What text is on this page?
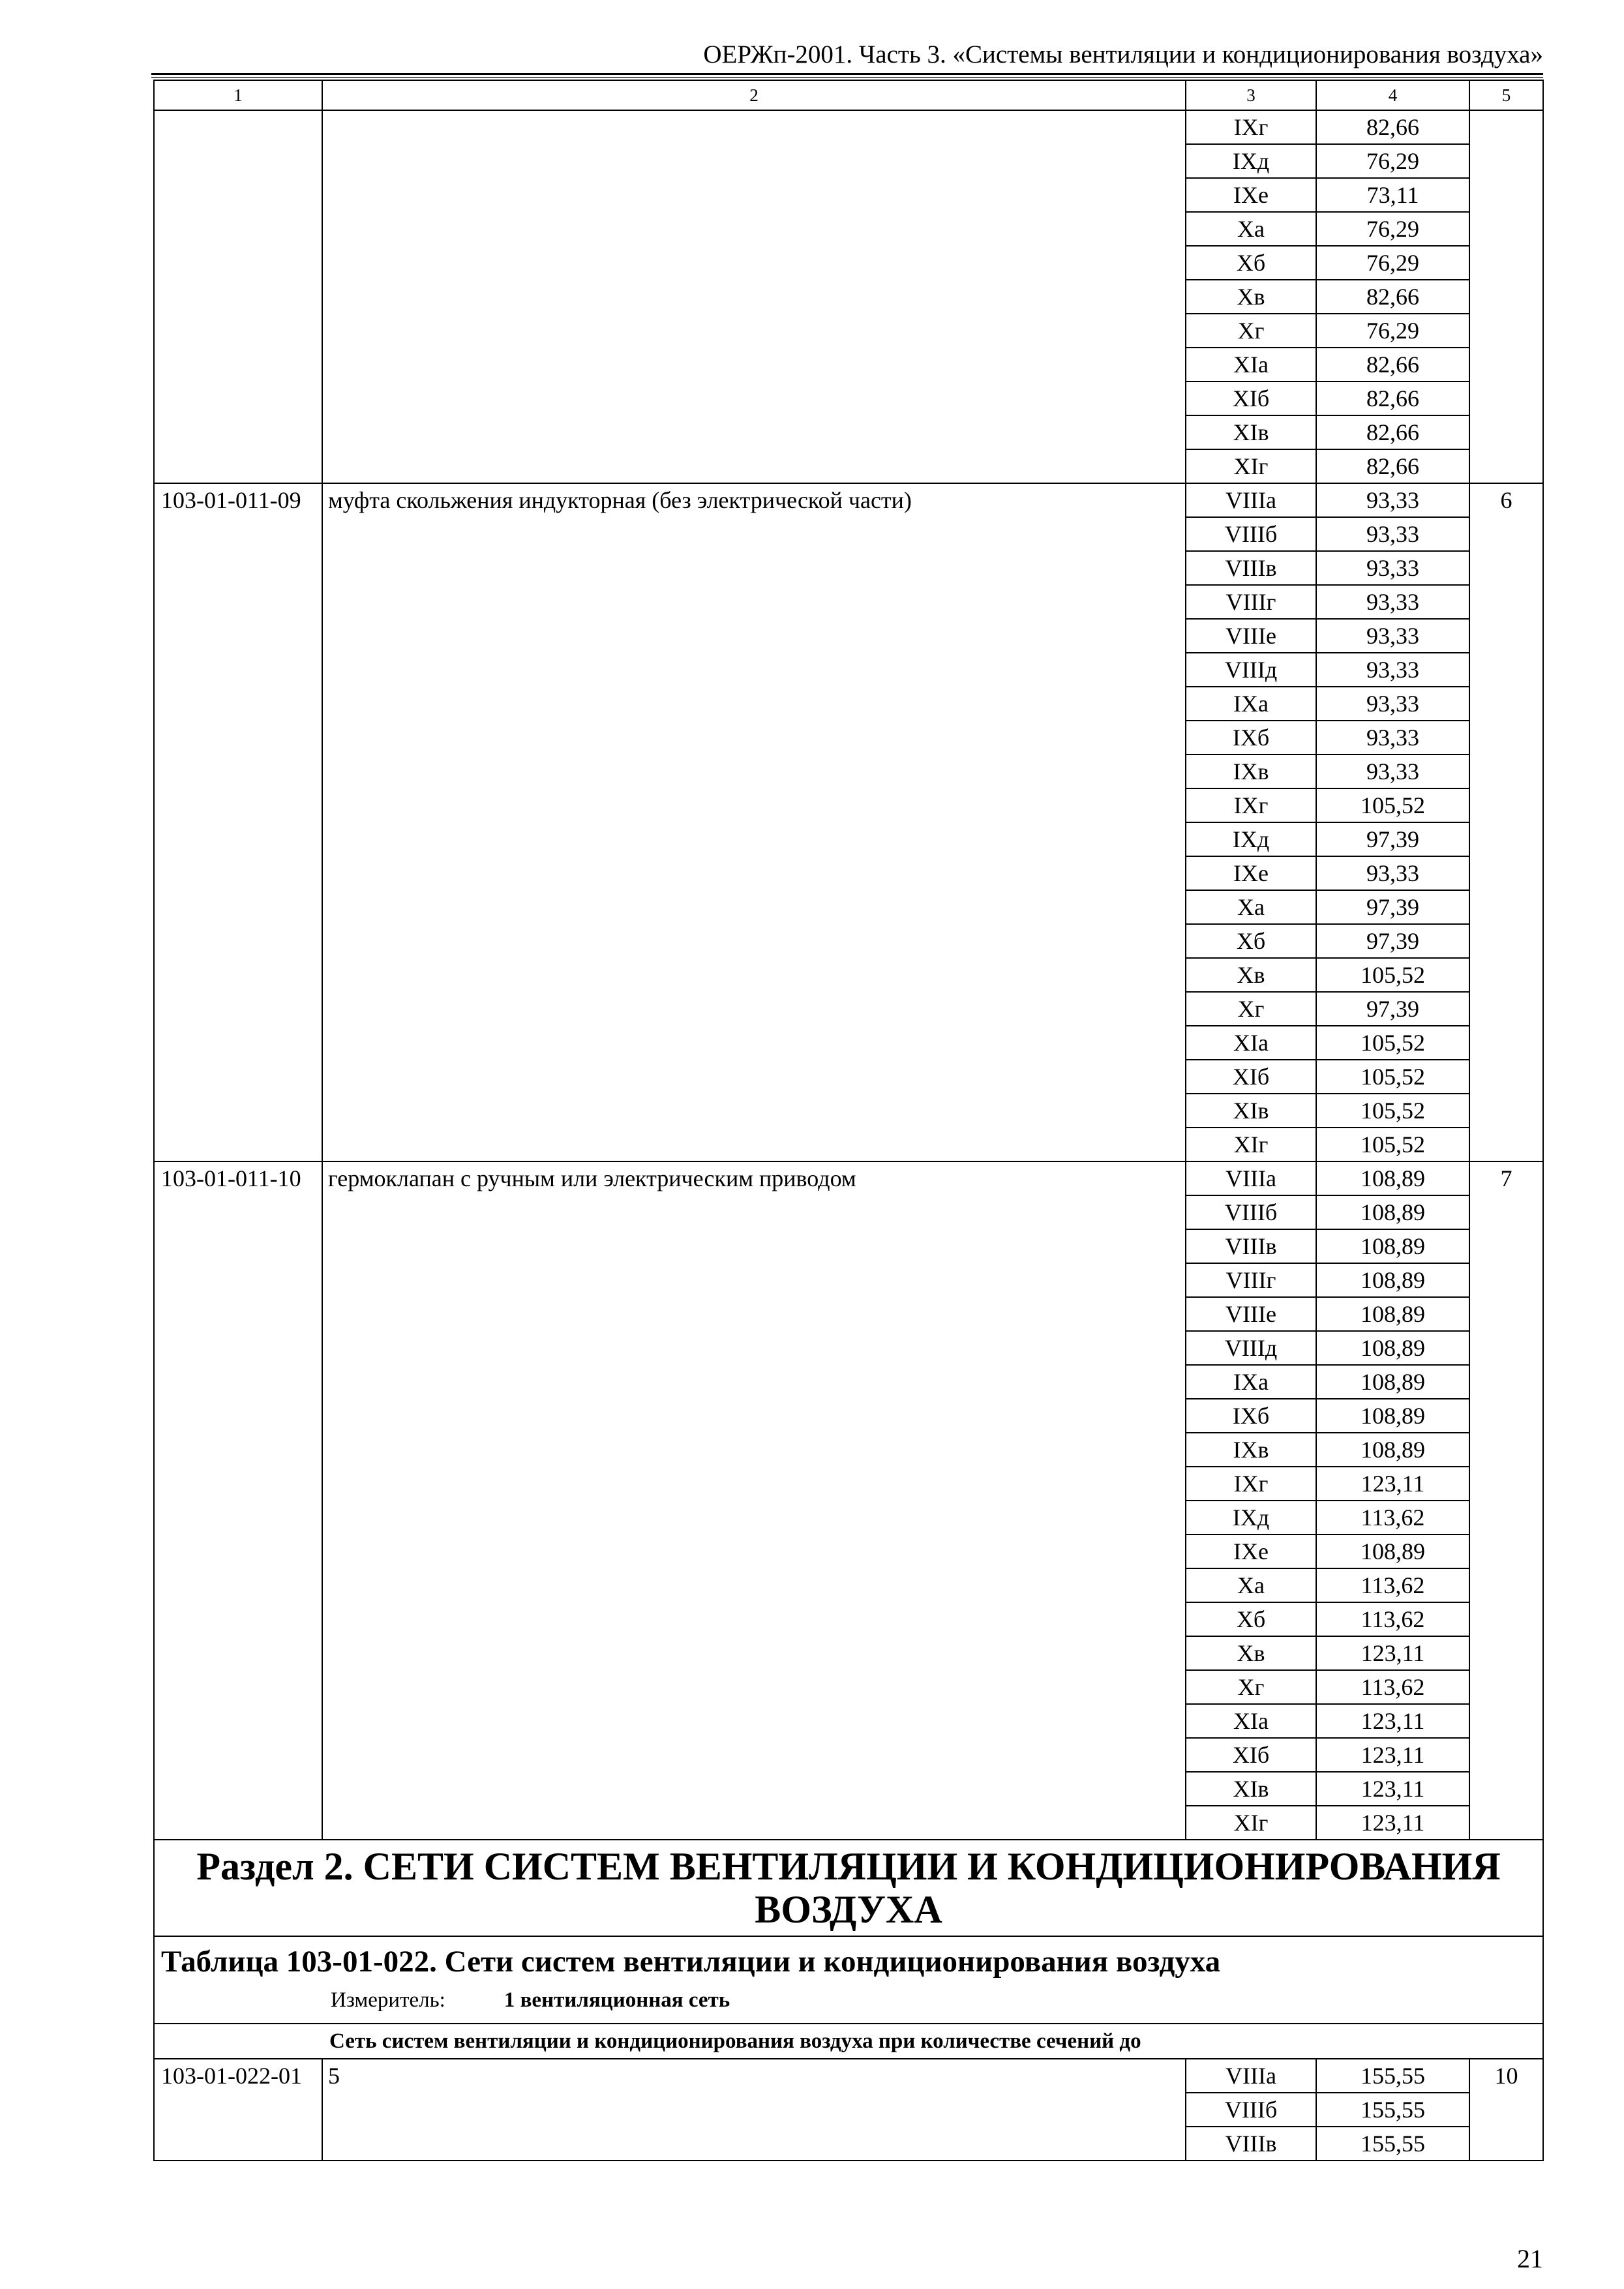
ОЕРЖп-2001. Часть 3. «Системы вентиляции и кондиционирования воздуха»
1	2	3	4	5
		IXг	82,66	
		IXд	76,29	
		IXе	73,11	
		Xа	76,29	
		Xб	76,29	
		Xв	82,66	
		Xг	76,29	
		XIа	82,66	
		XIб	82,66	
		XIв	82,66	
		XIг	82,66	
103-01-011-09	муфта скольжения индукторная (без электрической части)	VIIIа	93,33	6
		VIIIб	93,33	
		VIIIв	93,33	
		VIIIг	93,33	
		VIIIе	93,33	
		VIIIд	93,33	
		IXа	93,33	
		IXб	93,33	
		IXв	93,33	
		IXг	105,52	
		IXд	97,39	
		IXе	93,33	
		Xа	97,39	
		Xб	97,39	
		Xв	105,52	
		Xг	97,39	
		XIа	105,52	
		XIб	105,52	
		XIв	105,52	
		XIг	105,52	
103-01-011-10	гермоклапан с ручным или электрическим приводом	VIIIа	108,89	7
		VIIIб	108,89	
		VIIIв	108,89	
		VIIIг	108,89	
		VIIIе	108,89	
		VIIIд	108,89	
		IXа	108,89	
		IXб	108,89	
		IXв	108,89	
		IXг	123,11	
		IXд	113,62	
		IXе	108,89	
		Xа	113,62	
		Xб	113,62	
		Xв	123,11	
		Xг	113,62	
		XIа	123,11	
		XIб	123,11	
		XIв	123,11	
		XIг	123,11	

Раздел 2. СЕТИ СИСТЕМ ВЕНТИЛЯЦИИ И КОНДИЦИОНИРОВАНИЯ
ВОЗДУХА				

Таблица 103-01-022. Сети систем вентиляции и кондиционирования воздуха
Измеритель: 1 вентиляционная сеть				

Сеть систем вентиляции и кондиционирования воздуха при количестве сечений до				
103-01-022-01	5	VIIIа	155,55	10
		VIIIб	155,55	
		VIIIв	155,55	
21
